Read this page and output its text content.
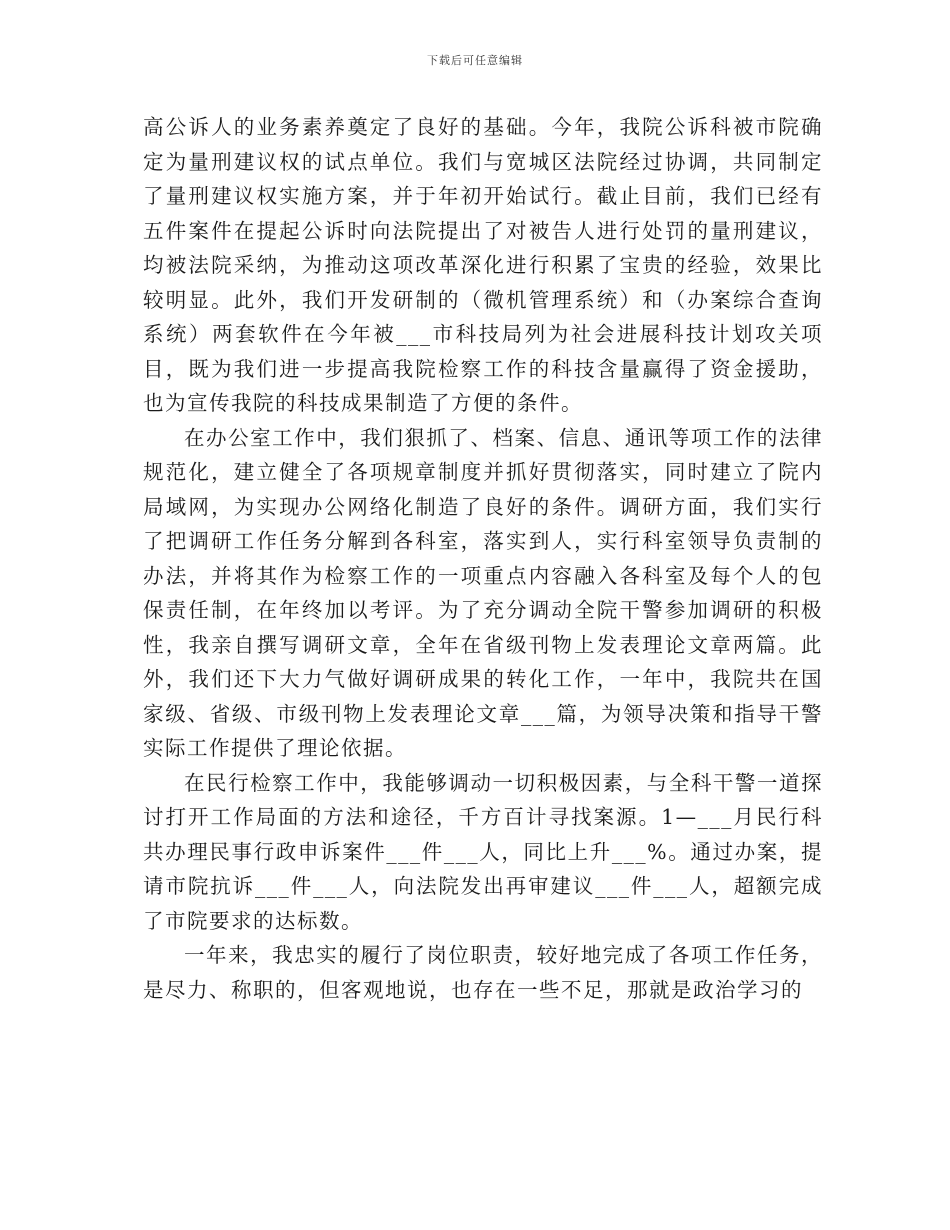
下载后可任意编辑

高公诉人的业务素养奠定了良好的基础。今年，我院公诉科被市院确定为量刑建议权的试点单位。我们与宽城区法院经过协调，共同制定了量刑建议权实施方案，并于年初开始试行。截止目前，我们已经有五件案件在提起公诉时向法院提出了对被告人进行处罚的量刑建议，均被法院采纳，为推动这项改革深化进行积累了宝贵的经验，效果比较明显。此外，我们开发研制的（微机管理系统）和（办案综合查询系统）两套软件在今年被___市科技局列为社会进展科技计划攻关项目，既为我们进一步提高我院检察工作的科技含量赢得了资金援助，也为宣传我院的科技成果制造了方便的条件。

在办公室工作中，我们狠抓了、档案、信息、通讯等项工作的法律规范化，建立健全了各项规章制度并抓好贯彻落实，同时建立了院内局域网，为实现办公网络化制造了良好的条件。调研方面，我们实行了把调研工作任务分解到各科室，落实到人，实行科室领导负责制的办法，并将其作为检察工作的一项重点内容融入各科室及每个人的包保责任制，在年终加以考评。为了充分调动全院干警参加调研的积极性，我亲自撰写调研文章，全年在省级刊物上发表理论文章两篇。此外，我们还下大力气做好调研成果的转化工作，一年中，我院共在国家级、省级、市级刊物上发表理论文章___篇，为领导决策和指导干警实际工作提供了理论依据。

在民行检察工作中，我能够调动一切积极因素，与全科干警一道探讨打开工作局面的方法和途径，千方百计寻找案源。1—___月民行科共办理民事行政申诉案件___件___人，同比上升___%。通过办案，提请市院抗诉___件___人，向法院发出再审建议___件___人，超额完成了市院要求的达标数。

一年来，我忠实的履行了岗位职责，较好地完成了各项工作任务，是尽力、称职的，但客观地说，也存在一些不足，那就是政治学习的
